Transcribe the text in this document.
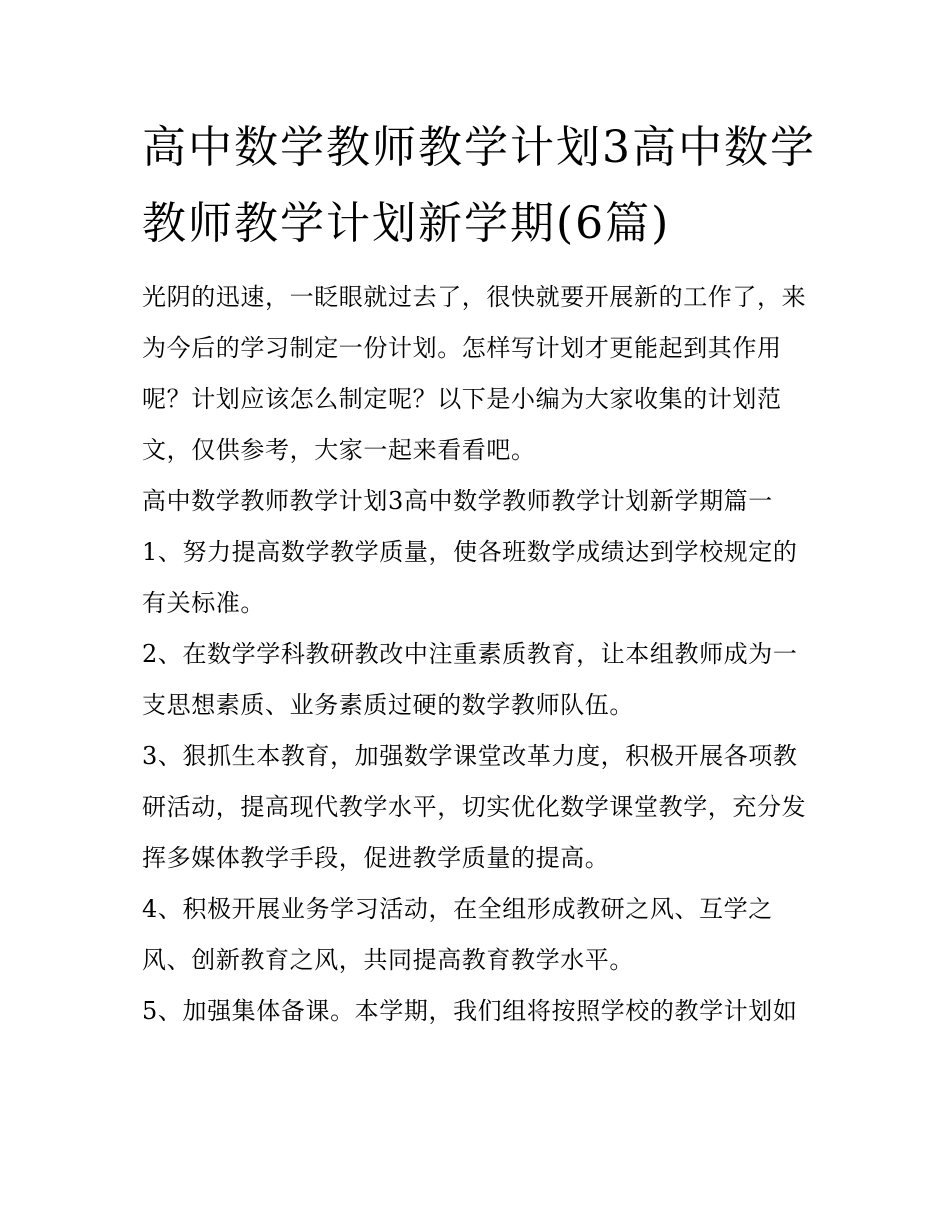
高中数学教师教学计划3高中数学教师教学计划新学期(6篇)

光阴的迅速，一眨眼就过去了，很快就要开展新的工作了，来为今后的学习制定一份计划。怎样写计划才更能起到其作用呢？计划应该怎么制定呢？以下是小编为大家收集的计划范文，仅供参考，大家一起来看看吧。

高中数学教师教学计划3高中数学教师教学计划新学期篇一

1、努力提高数学教学质量，使各班数学成绩达到学校规定的有关标准。

2、在数学学科教研教改中注重素质教育，让本组教师成为一支思想素质、业务素质过硬的数学教师队伍。

3、狠抓生本教育，加强数学课堂改革力度，积极开展各项教研活动，提高现代教学水平，切实优化数学课堂教学，充分发挥多媒体教学手段，促进教学质量的提高。

4、积极开展业务学习活动，在全组形成教研之风、互学之风、创新教育之风，共同提高教育教学水平。

5、加强集体备课。本学期，我们组将按照学校的教学计划如
